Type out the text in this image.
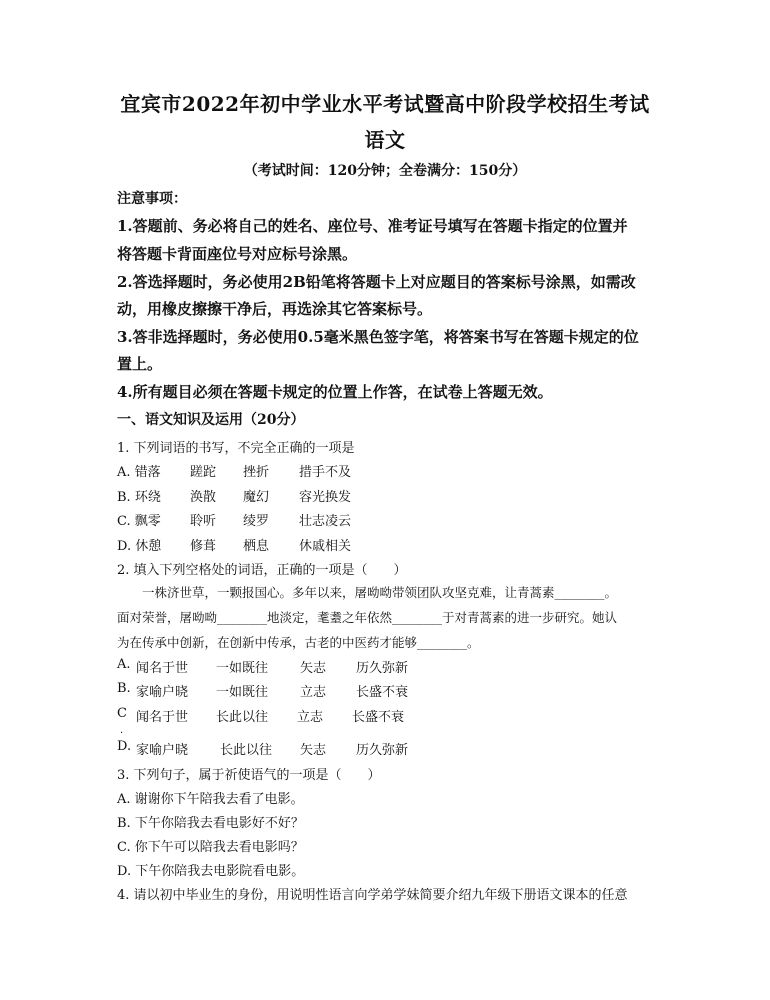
宜宾市2022年初中学业水平考试暨高中阶段学校招生考试
语文
（考试时间：120分钟；全卷满分：150分）
注意事项：
1.答题前、务必将自己的姓名、座位号、准考证号填写在答题卡指定的位置并
将答题卡背面座位号对应标号涂黑。
2.答选择题时，务必使用2B铅笔将答题卡上对应题目的答案标号涂黑，如需改
动，用橡皮擦擦干净后，再选涂其它答案标号。
3.答非选择题时，务必使用0.5毫米黑色签字笔，将答案书写在答题卡规定的位
置上。
4.所有题目必须在答题卡规定的位置上作答，在试卷上答题无效。
一、语文知识及运用（20分）
1. 下列词语的书写，不完全正确的一项是
A. 错落 蹉跎 挫折 措手不及
B. 环绕 涣散 魔幻 容光换发
C. 飘零 聆听 绫罗 壮志凌云
D. 休憩 修葺 栖息 休戚相关
2. 填入下列空格处的词语，正确的一项是（　　）
　　一株济世草，一颗报国心。多年以来，屠呦呦带领团队攻坚克难，让青蒿素________。
面对荣誉，屠呦呦________地淡定，耄耋之年依然________于对青蒿素的进一步研究。她认
为在传承中创新，在创新中传承，古老的中医药才能够________。
A. 闻名于世 一如既往 矢志 历久弥新
B. 家喻户晓 一如既往 立志 长盛不衰
C 闻名于世 长此以往 立志 长盛不衰
·
D. 家喻户晓 长此以往 矢志 历久弥新
3. 下列句子，属于祈使语气的一项是（　　）
A. 谢谢你下午陪我去看了电影。
B. 下午你陪我去看电影好不好？
C. 你下午可以陪我去看电影吗？
D. 下午你陪我去电影院看电影。
4. 请以初中毕业生的身份，用说明性语言向学弟学妹简要介绍九年级下册语文课本的任意
